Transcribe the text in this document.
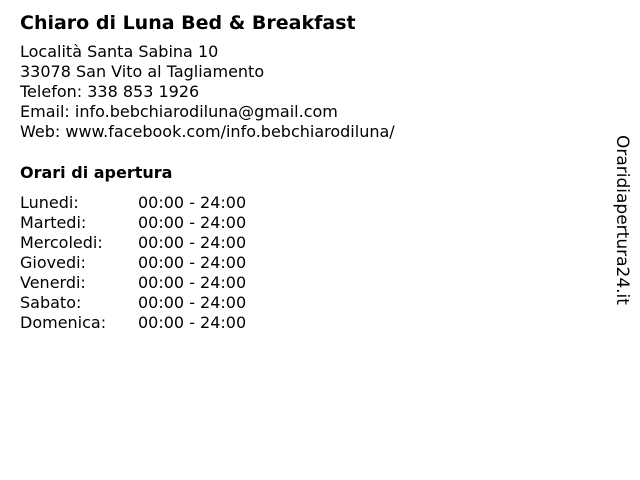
Chiaro di Luna Bed & Breakfast
Località Santa Sabina 10
33078 San Vito al Tagliamento
Telefon: 338 853 1926
Email: info.bebchiarodiluna@gmail.com
Web: www.facebook.com/info.bebchiarodiluna/
Orari di apertura
Lunedi:	00:00 - 24:00
Martedi:	00:00 - 24:00
Mercoledi:	00:00 - 24:00
Giovedi:	00:00 - 24:00
Venerdi:	00:00 - 24:00
Sabato:	00:00 - 24:00
Domenica:	00:00 - 24:00
Oraridiapertura24.it
